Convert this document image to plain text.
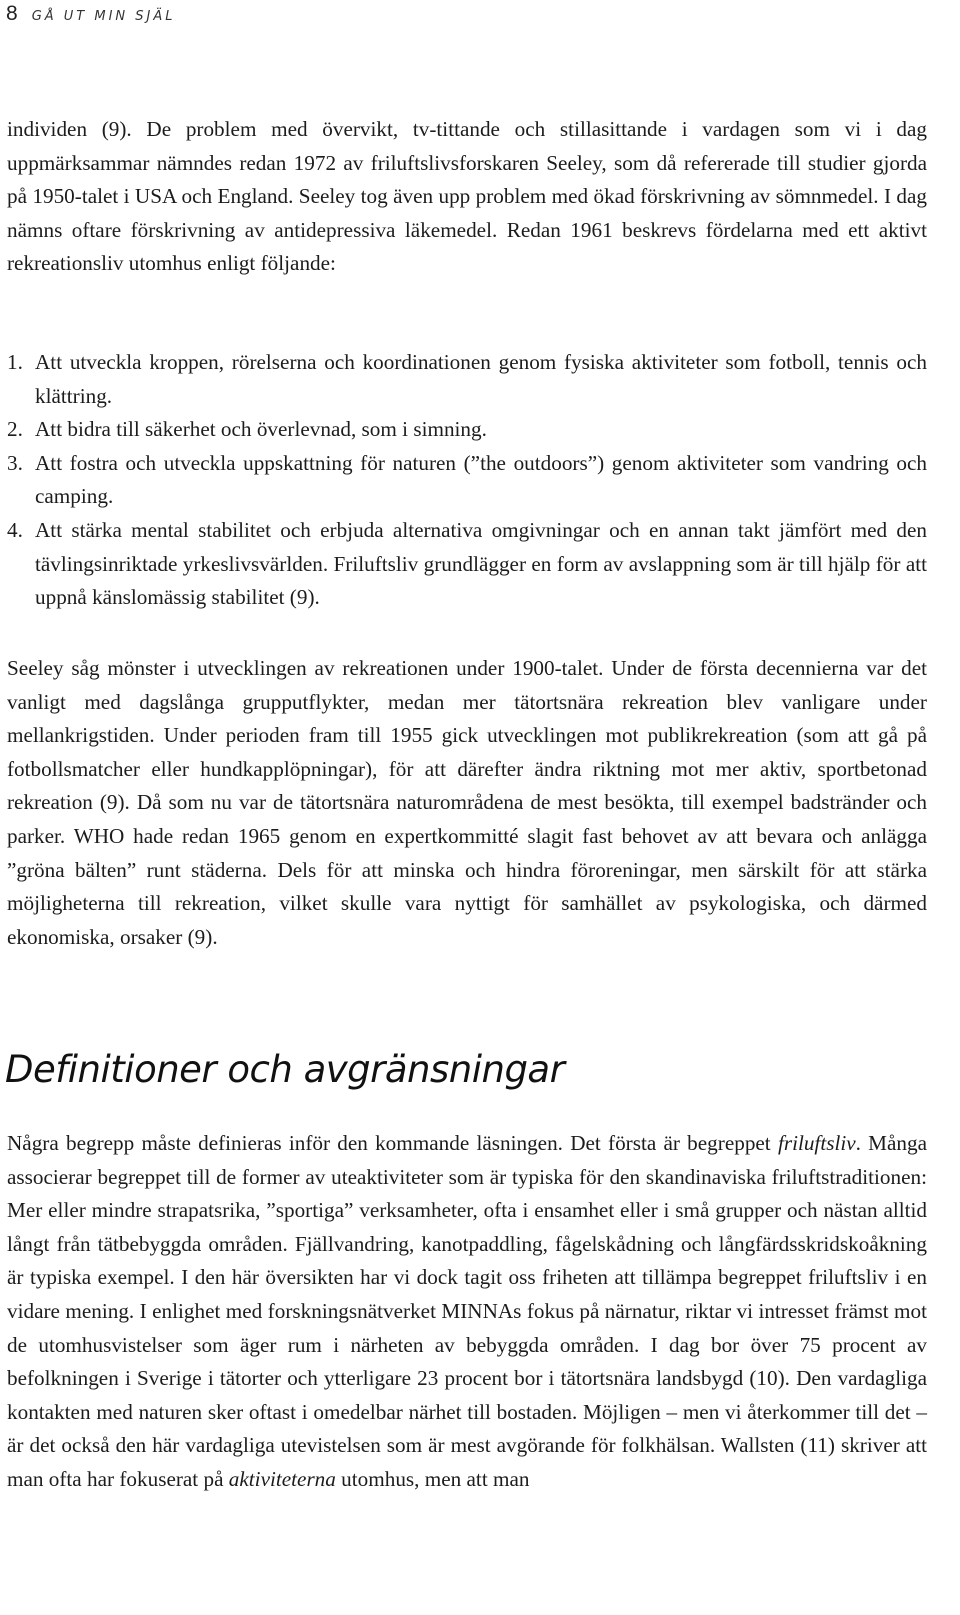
8 GÅ UT MIN SJÄL

individen (9). De problem med övervikt, tv-tittande och stillasittande i vardagen som vi i dag uppmärksammar nämndes redan 1972 av friluftslivsforskaren Seeley, som då refererade till studier gjorda på 1950-talet i USA och England. Seeley tog även upp problem med ökad förskrivning av sömnmedel. I dag nämns oftare förskrivning av antidepressiva läkemedel. Redan 1961 beskrevs fördelarna med ett aktivt rekreationsliv utomhus enligt följande:

1. Att utveckla kroppen, rörelserna och koordinationen genom fysiska aktiviteter som fotboll, tennis och klättring.
2. Att bidra till säkerhet och överlevnad, som i simning.
3. Att fostra och utveckla uppskattning för naturen (”the outdoors”) genom aktiviteter som vandring och camping.
4. Att stärka mental stabilitet och erbjuda alternativa omgivningar och en annan takt jämfört med den tävlingsinriktade yrkeslivsvärlden. Friluftsliv grundlägger en form av avslappning som är till hjälp för att uppnå känslomässig stabilitet (9).

Seeley såg mönster i utvecklingen av rekreationen under 1900-talet. Under de första decennierna var det vanligt med dagslånga grupputflykter, medan mer tätortsnära rekreation blev vanligare under mellankrigstiden. Under perioden fram till 1955 gick utvecklingen mot publikrekreation (som att gå på fotbollsmatcher eller hundkapplöpningar), för att därefter ändra riktning mot mer aktiv, sportbetonad rekreation (9). Då som nu var de tätortsnära naturområdena de mest besökta, till exempel badstränder och parker. WHO hade redan 1965 genom en expertkommitté slagit fast behovet av att bevara och anlägga ”gröna bälten” runt städerna. Dels för att minska och hindra föroreningar, men särskilt för att stärka möjligheterna till rekreation, vilket skulle vara nyttigt för samhället av psykologiska, och därmed ekonomiska, orsaker (9).

Definitioner och avgränsningar

Några begrepp måste definieras inför den kommande läsningen. Det första är begreppet friluftsliv. Många associerar begreppet till de former av uteaktiviteter som är typiska för den skandinaviska friluftstraditionen: Mer eller mindre strapatsrika, ”sportiga” verksamheter, ofta i ensamhet eller i små grupper och nästan alltid långt från tätbebyggda områden. Fjällvandring, kanotpaddling, fågelskådning och långfärdsskridskoåkning är typiska exempel. I den här översikten har vi dock tagit oss friheten att tillämpa begreppet friluftsliv i en vidare mening. I enlighet med forskningsnätverket MINNAs fokus på närnatur, riktar vi intresset främst mot de utomhusvistelser som äger rum i närheten av bebyggda områden. I dag bor över 75 procent av befolkningen i Sverige i tätorter och ytterligare 23 procent bor i tätortsnära landsbygd (10). Den vardagliga kontakten med naturen sker oftast i omedelbar närhet till bostaden. Möjligen – men vi återkommer till det – är det också den här vardagliga utevistelsen som är mest avgörande för folkhälsan. Wallsten (11) skriver att man ofta har fokuserat på aktiviteterna utomhus, men att man
